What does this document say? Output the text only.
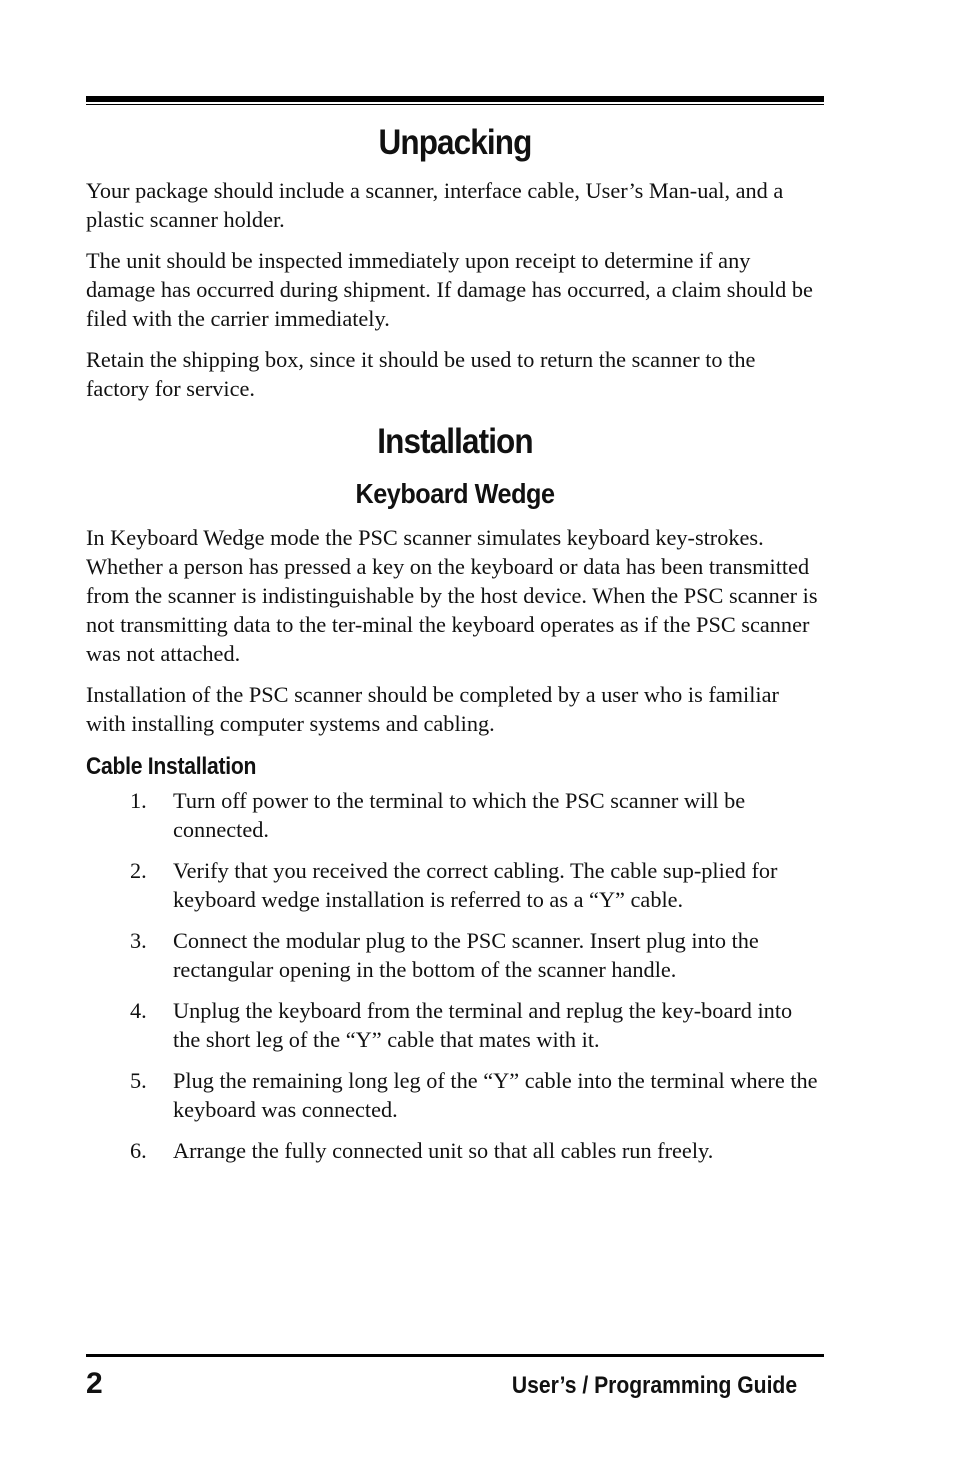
Unpacking

Your package should include a scanner, interface cable, User’s Man-ual, and a plastic scanner holder.

The unit should be inspected immediately upon receipt to determine if any damage has occurred during shipment. If damage has occurred, a claim should be filed with the carrier immediately.

Retain the shipping box, since it should be used to return the scanner to the factory for service.

Installation
Keyboard Wedge

In Keyboard Wedge mode the PSC scanner simulates keyboard key-strokes. Whether a person has pressed a key on the keyboard or data has been transmitted from the scanner is indistinguishable by the host device. When the PSC scanner is not transmitting data to the ter-minal the keyboard operates as if the PSC scanner was not attached.

Installation of the PSC scanner should be completed by a user who is familiar with installing computer systems and cabling.

Cable Installation
1. Turn off power to the terminal to which the PSC scanner will be connected.
2. Verify that you received the correct cabling. The cable sup-plied for keyboard wedge installation is referred to as a “Y” cable.
3. Connect the modular plug to the PSC scanner. Insert plug into the rectangular opening in the bottom of the scanner handle.
4. Unplug the keyboard from the terminal and replug the key-board into the short leg of the “Y” cable that mates with it.
5. Plug the remaining long leg of the “Y” cable into the terminal where the keyboard was connected.
6. Arrange the fully connected unit so that all cables run freely.
2	User’s / Programming Guide
